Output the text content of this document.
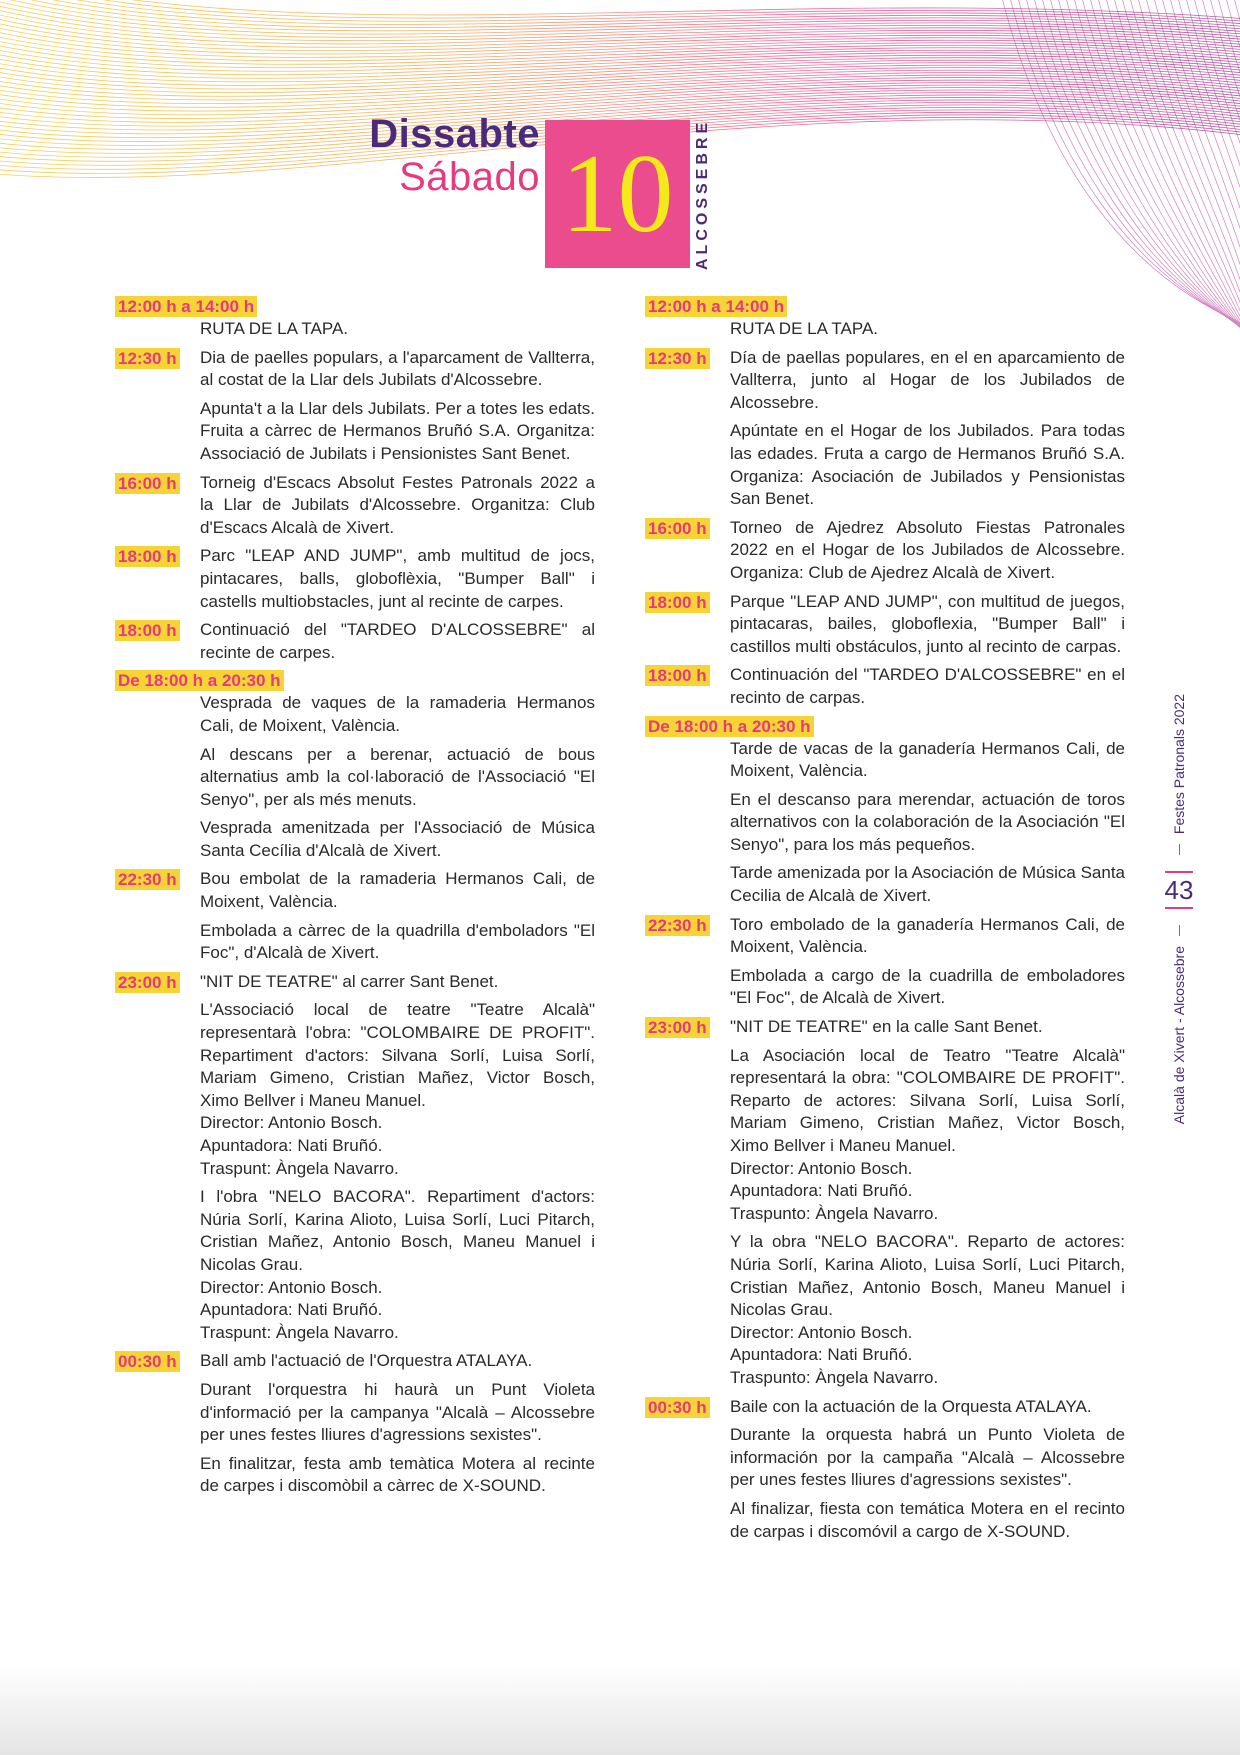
Dissabte
Sábado 10	ALCOSSEBRE
12:00 h a 14:00 h
RUTA DE LA TAPA.
12:30 h Dia de paelles populars, a l'aparcament de Vallterra, al costat de la Llar dels Jubilats d'Alcossebre.
Apunta't a la Llar dels Jubilats. Per a totes les edats. Fruita a càrrec de Hermanos Bruñó S.A. Organitza: Associació de Jubilats i Pensionistes Sant Benet.
16:00 h Torneig d'Escacs Absolut Festes Patronals 2022 a la Llar de Jubilats d'Alcossebre. Organitza: Club d'Escacs Alcalà de Xivert.
18:00 h Parc "LEAP AND JUMP", amb multitud de jocs, pintacares, balls, globoflèxia, "Bumper Ball" i castells multiobstacles, junt al recinte de carpes.
18:00 h Continuació del "TARDEO D'ALCOSSEBRE" al recinte de carpes.
De 18:00 h a 20:30 h
Vesprada de vaques de la ramaderia Hermanos Cali, de Moixent, València.
Al descans per a berenar, actuació de bous alternatius amb la col·laboració de l'Associació "El Senyo", per als més menuts.
Vesprada amenitzada per l'Associació de Música Santa Cecília d'Alcalà de Xivert.
22:30 h Bou embolat de la ramaderia Hermanos Cali, de Moixent, València.
Embolada a càrrec de la quadrilla d'emboladors "El Foc", d'Alcalà de Xivert.
23:00 h "NIT DE TEATRE" al carrer Sant Benet.
L'Associació local de teatre "Teatre Alcalà" representarà l'obra: "COLOMBAIRE DE PROFIT". Repartiment d'actors: Silvana Sorlí, Luisa Sorlí, Mariam Gimeno, Cristian Mañez, Victor Bosch, Ximo Bellver i Maneu Manuel.
Director: Antonio Bosch.
Apuntadora: Nati Bruñó.
Traspunt: Àngela Navarro.
I l'obra "NELO BACORA". Repartiment d'actors: Núria Sorlí, Karina Alioto, Luisa Sorlí, Luci Pitarch, Cristian Mañez, Antonio Bosch, Maneu Manuel i Nicolas Grau.
Director: Antonio Bosch.
Apuntadora: Nati Bruñó.
Traspunt: Àngela Navarro.
00:30 h Ball amb l'actuació de l'Orquestra ATALAYA.
Durant l'orquestra hi haurà un Punt Violeta d'informació per la campanya "Alcalà – Alcossebre per unes festes lliures d'agressions sexistes".
En finalitzar, festa amb temàtica Motera al recinte de carpes i discomòbil a càrrec de X-SOUND.
12:00 h a 14:00 h
RUTA DE LA TAPA.
12:30 h Día de paellas populares, en el en aparcamiento de Vallterra, junto al Hogar de los Jubilados de Alcossebre.
Apúntate en el Hogar de los Jubilados. Para todas las edades. Fruta a cargo de Hermanos Bruñó S.A. Organiza: Asociación de Jubilados y Pensionistas San Benet.
16:00 h Torneo de Ajedrez Absoluto Fiestas Patronales 2022 en el Hogar de los Jubilados de Alcossebre. Organiza: Club de Ajedrez Alcalà de Xivert.
18:00 h Parque "LEAP AND JUMP", con multitud de juegos, pintacaras, bailes, globoflexia, "Bumper Ball" i castillos multi obstáculos, junto al recinto de carpas.
18:00 h Continuación del "TARDEO D'ALCOSSEBRE" en el recinto de carpas.
De 18:00 h a 20:30 h
Tarde de vacas de la ganadería Hermanos Cali, de Moixent, València.
En el descanso para merendar, actuación de toros alternativos con la colaboración de la Asociación "El Senyo", para los más pequeños.
Tarde amenizada por la Asociación de Música Santa Cecilia de Alcalà de Xivert.
22:30 h Toro embolado de la ganadería Hermanos Cali, de Moixent, València.
Embolada a cargo de la cuadrilla de emboladores "El Foc", de Alcalà de Xivert.
23:00 h "NIT DE TEATRE" en la calle Sant Benet.
La Asociación local de Teatro "Teatre Alcalà" representará la obra: "COLOMBAIRE DE PROFIT". Reparto de actores: Silvana Sorlí, Luisa Sorlí, Mariam Gimeno, Cristian Mañez, Victor Bosch, Ximo Bellver i Maneu Manuel.
Director: Antonio Bosch.
Apuntadora: Nati Bruñó.
Traspunto: Àngela Navarro.
Y la obra "NELO BACORA". Reparto de actores: Núria Sorlí, Karina Alioto, Luisa Sorlí, Luci Pitarch, Cristian Mañez, Antonio Bosch, Maneu Manuel i Nicolas Grau.
Director: Antonio Bosch.
Apuntadora: Nati Bruñó.
Traspunto: Àngela Navarro.
00:30 h Baile con la actuación de la Orquesta ATALAYA.
Durante la orquesta habrá un Punto Violeta de información por la campaña "Alcalà – Alcossebre per unes festes lliures d'agressions sexistes".
Al finalizar, fiesta con temática Motera en el recinto de carpas i discomóvil a cargo de X-SOUND.
Festes Patronals 2022
43
Alcalà de Xivert - Alcossebre
